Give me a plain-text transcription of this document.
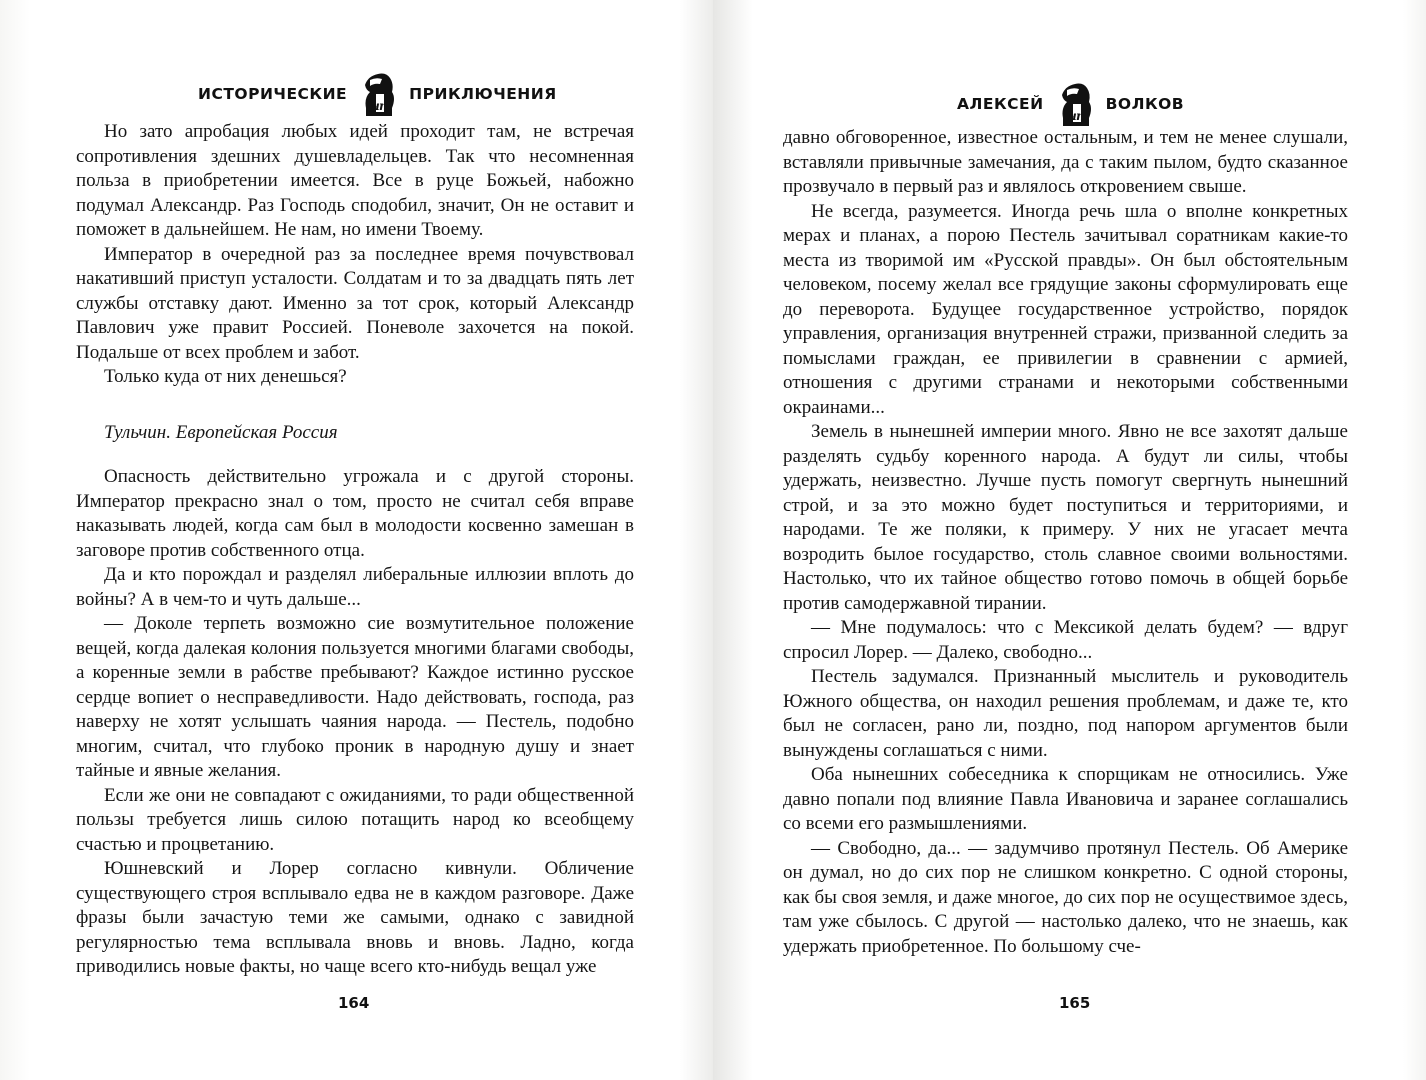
ИСТОРИЧЕСКИЕ
н
п
ПРИКЛЮЧЕНИЯ

Но зато апробация любых идей проходит там, не встречая сопротивления здешних душевладельцев. Так что несомненная польза в приобретении имеется. Все в руце Божьей, набожно подумал Александр. Раз Господь сподобил, значит, Он не оставит и поможет в дальнейшем. Не нам, но имени Твоему.

Император в очередной раз за последнее время почувствовал накативший приступ усталости. Солдатам и то за двадцать пять лет службы отставку дают. Именно за тот срок, который Александр Павлович уже правит Россией. Поневоле захочется на покой. Подальше от всех проблем и забот.

Только куда от них денешься?

Тульчин. Европейская Россия

Опасность действительно угрожала и с другой стороны. Император прекрасно знал о том, просто не считал себя вправе наказывать людей, когда сам был в молодости косвенно замешан в заговоре против собственного отца.

Да и кто порождал и разделял либеральные иллюзии вплоть до войны? А в чем-то и чуть дальше...

— Доколе терпеть возможно сие возмутительное положение вещей, когда далекая колония пользуется многими благами свободы, а коренные земли в рабстве пребывают? Каждое истинно русское сердце вопиет о несправедливости. Надо действовать, господа, раз наверху не хотят услышать чаяния народа. — Пестель, подобно многим, считал, что глубоко проник в народную душу и знает тайные и явные желания.

Если же они не совпадают с ожиданиями, то ради общественной пользы требуется лишь силою потащить народ ко всеобщему счастью и процветанию.

Юшневский и Лорер согласно кивнули. Обличение существующего строя всплывало едва не в каждом разговоре. Даже фразы были зачастую теми же самыми, однако с завидной регулярностью тема всплывала вновь и вновь. Ладно, когда приводились новые факты, но чаще всего кто-нибудь вещал уже

164
АЛЕКСЕЙ
н
п
ВОЛКОВ

давно обговоренное, известное остальным, и тем не менее слушали, вставляли привычные замечания, да с таким пылом, будто сказанное прозвучало в первый раз и являлось откровением свыше.

Не всегда, разумеется. Иногда речь шла о вполне конкретных мерах и планах, а порою Пестель зачитывал соратникам какие-то места из творимой им «Русской правды». Он был обстоятельным человеком, посему желал все грядущие законы сформулировать еще до переворота. Будущее государственное устройство, порядок управления, организация внутренней стражи, призванной следить за помыслами граждан, ее привилегии в сравнении с армией, отношения с другими странами и некоторыми собственными окраинами...

Земель в нынешней империи много. Явно не все захотят дальше разделять судьбу коренного народа. А будут ли силы, чтобы удержать, неизвестно. Лучше пусть помогут свергнуть нынешний строй, и за это можно будет поступиться и территориями, и народами. Те же поляки, к примеру. У них не угасает мечта возродить былое государство, столь славное своими вольностями. Настолько, что их тайное общество готово помочь в общей борьбе против самодержавной тирании.

— Мне подумалось: что с Мексикой делать будем? — вдруг спросил Лорер. — Далеко, свободно...

Пестель задумался. Признанный мыслитель и руководитель Южного общества, он находил решения проблемам, и даже те, кто был не согласен, рано ли, поздно, под напором аргументов были вынуждены соглашаться с ними.

Оба нынешних собеседника к спорщикам не относились. Уже давно попали под влияние Павла Ивановича и заранее соглашались со всеми его размышлениями.

— Свободно, да... — задумчиво протянул Пестель. Об Америке он думал, но до сих пор не слишком конкретно. С одной стороны, как бы своя земля, и даже многое, до сих пор не осуществимое здесь, там уже сбылось. С другой — настолько далеко, что не знаешь, как удержать приобретенное. По большому сче-

165
